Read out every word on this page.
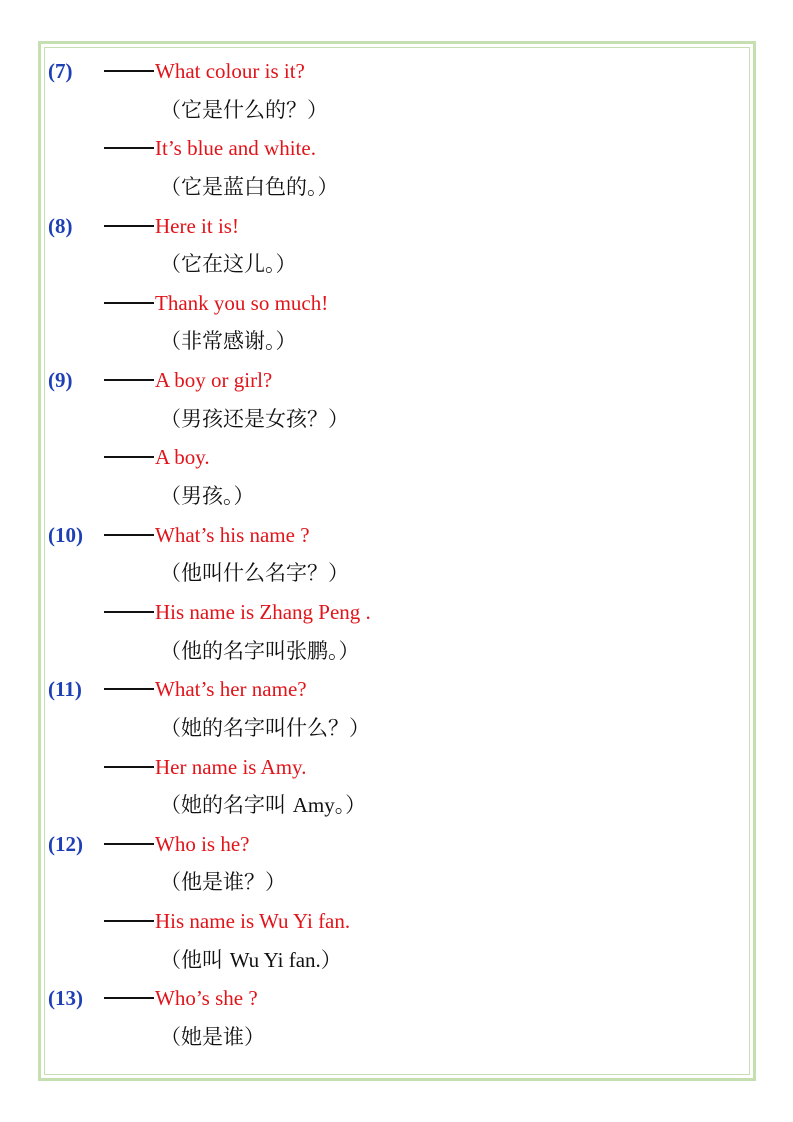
(7)	What colour is it?
（它是什么的？）
It’s blue and white.
（它是蓝白色的。）
(8)	Here it is!
（它在这儿。）
Thank you so much!
（非常感谢。）
(9)	A boy or girl?
（男孩还是女孩？）
A boy.
（男孩。）
(10)	What’s his name ?
（他叫什么名字？）
His name is Zhang Peng .
（他的名字叫张鹏。）
(11)	What’s her name?
（她的名字叫什么？）
Her name is Amy.
（她的名字叫 Amy。）
(12)	Who is he?
（他是谁？）
His name is Wu Yi fan.
（他叫 Wu Yi fan.）
(13)	Who’s she ?
（她是谁）
